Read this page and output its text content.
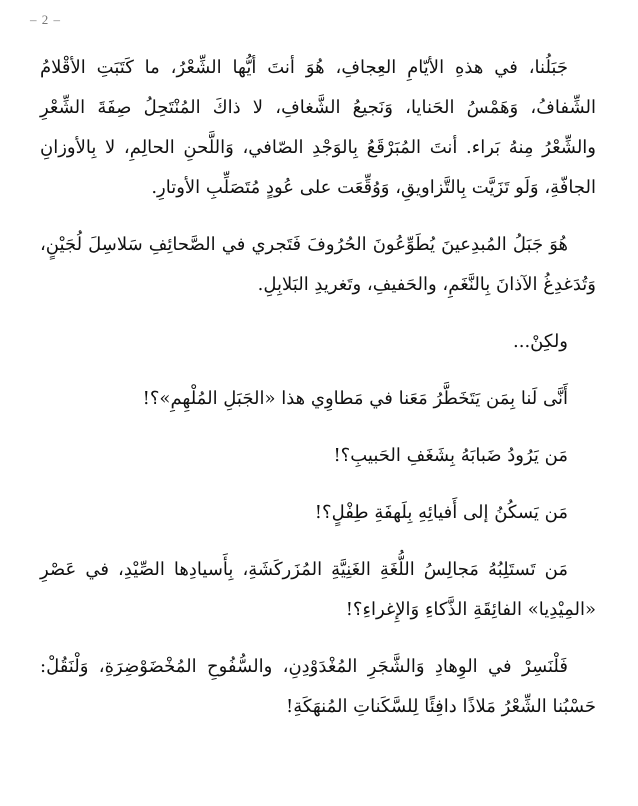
– 2 –

جَبَلُنا، في هذهِ الأيّامِ العِجافِ، هُوَ أنتَ أيُّها الشِّعْرُ، ما كَتَبَتِ الأقْلامُ الشِّفافُ، وَهَمْسُ الحَنايا، وَنَجيعُ الشَّغافِ، لا ذاكَ المُنْتَحِلُ صِفَةَ الشِّعْرِ والشِّعْرُ مِنهُ بَراء. أنتَ المُبَرْقَعُ بِالوَجْدِ الصّافي، وَاللَّحنِ الحالِمِ، لا بِالأوزانِ الجافّةِ، وَلَو تَزَيَّت بِالتَّزاويقِ، وَوُقِّعَت على عُودٍ مُتَصَلِّبِ الأوتارِ.

هُوَ جَبَلُ المُبدِعينَ يُطَوِّعُونَ الحُرُوفَ فَتَجري في الصَّحائِفِ سَلاسِلَ لُجَيْنٍ، وَتُدَغدِغُ الآذانَ بِالنَّغَمِ، والحَفيفِ، وتَغريدِ البَلابِلِ.

ولكِنْ...

أَنَّى لَنا بِمَن يَتَخَطَّرُ مَعَنا في مَطاوِي هذا «الجَبَلِ المُلْهِمِ»؟!

مَن يَرُودُ ضَبابَهُ بِشَغَفِ الحَبيبِ؟!

مَن يَسكُنُ إلى أَفيائِهِ بِلَهفَةِ طِفْلٍ؟!

مَن تَستَلِبُهُ مَجالِسُ اللُّغَةِ الغَنِيَّةِ المُزَركَشَةِ، بِأَسيادِها الصِّيْدِ، في عَصْرِ «المِيْدِيا» الفائِقَةِ الذَّكاءِ وَالإِغراءِ؟!

فَلْنَسِرْ في الوِهادِ وَالشَّجَرِ المُغْدَوْدِنِ، والسُّفُوحِ المُخْضَوْضِرَةِ، وَلْنَقُلْ: حَسْبُنا الشِّعْرُ مَلاذًا دافِئًا لِلسَّكَناتِ المُنهَكَةِ!
